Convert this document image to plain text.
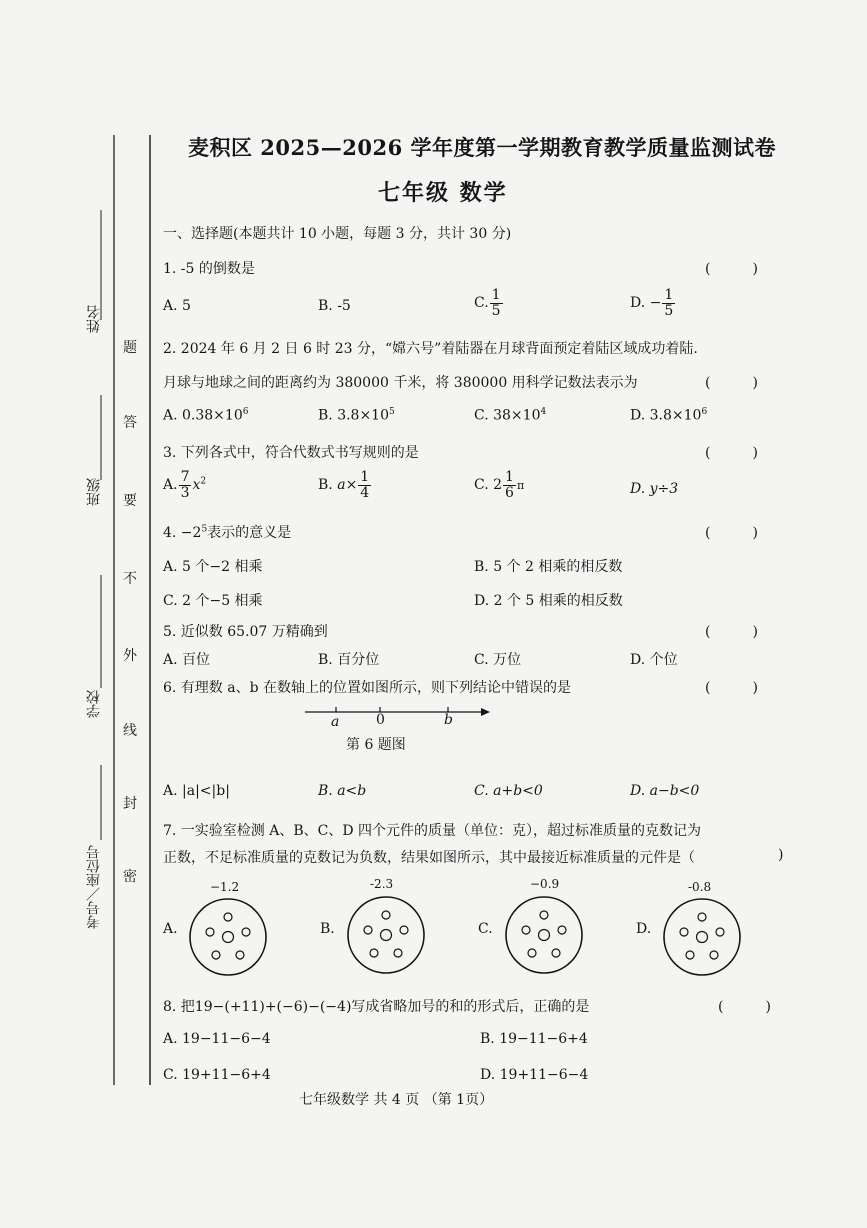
姓名
班级
学校
考号／座位号
题
答
要
不
外
线
封
密
麦积区 2025—2026 学年度第一学期教育教学质量监测试卷
七年级 数学
一、选择题(本题共计 10 小题，每题 3 分，共计 30 分)
1. -5 的倒数是	(　　　)
A. 5	B. -5	C. $\frac{1}{5}$	D. − $\frac{1}{5}$
2. 2024 年 6 月 2 日 6 时 23 分，“嫦六号”着陆器在月球背面预定着陆区域成功着陆.
月球与地球之间的距离约为 380000 千米，将 380000 用科学记数法表示为	(　　　)
A. $0.38\times 10^6$	B. $3.8\times 10^5$	C. $38\times 10^4$	D. $3.8\times 10^6$
3. 下列各式中，符合代数式书写规则的是	(　　　)
A. $\frac{7}{3} x^2$	B. $a\times \frac{1}{4}$	C. $2 \frac{1}{6}$ π	D. y÷3
4. $-2^5$表示的意义是	(　　　)
A. 5 个−2 相乘	B. 5 个 2 相乘的相反数
C. 2 个−5 相乘	D. 2 个 5 相乘的相反数
5. 近似数 65.07 万精确到	(　　　)
A. 百位	B. 百分位	C. 万位	D. 个位
6. 有理数 a、b 在数轴上的位置如图所示，则下列结论中错误的是	(　　　)
a	0	b
第 6 题图
A. |a|<|b|	B. a<b	C. a+b<0	D. a−b<0
7. 一实验室检测 A、B、C、D 四个元件的质量（单位：克），超过标准质量的克数记为
正数，不足标准质量的克数记为负数，结果如图所示，其中最接近标准质量的元件是（	)
−1.2	-2.3	−0.9	-0.8
A.	B.	C.	D.
8. 把19−(+11)+(−6)−(−4)写成省略加号的和的形式后，正确的是	(　　　)
A. 19−11−6−4	B. 19−11−6+4
C. 19+11−6+4	D. 19+11−6−4
七年级数学 共 4 页 （第 1页）
